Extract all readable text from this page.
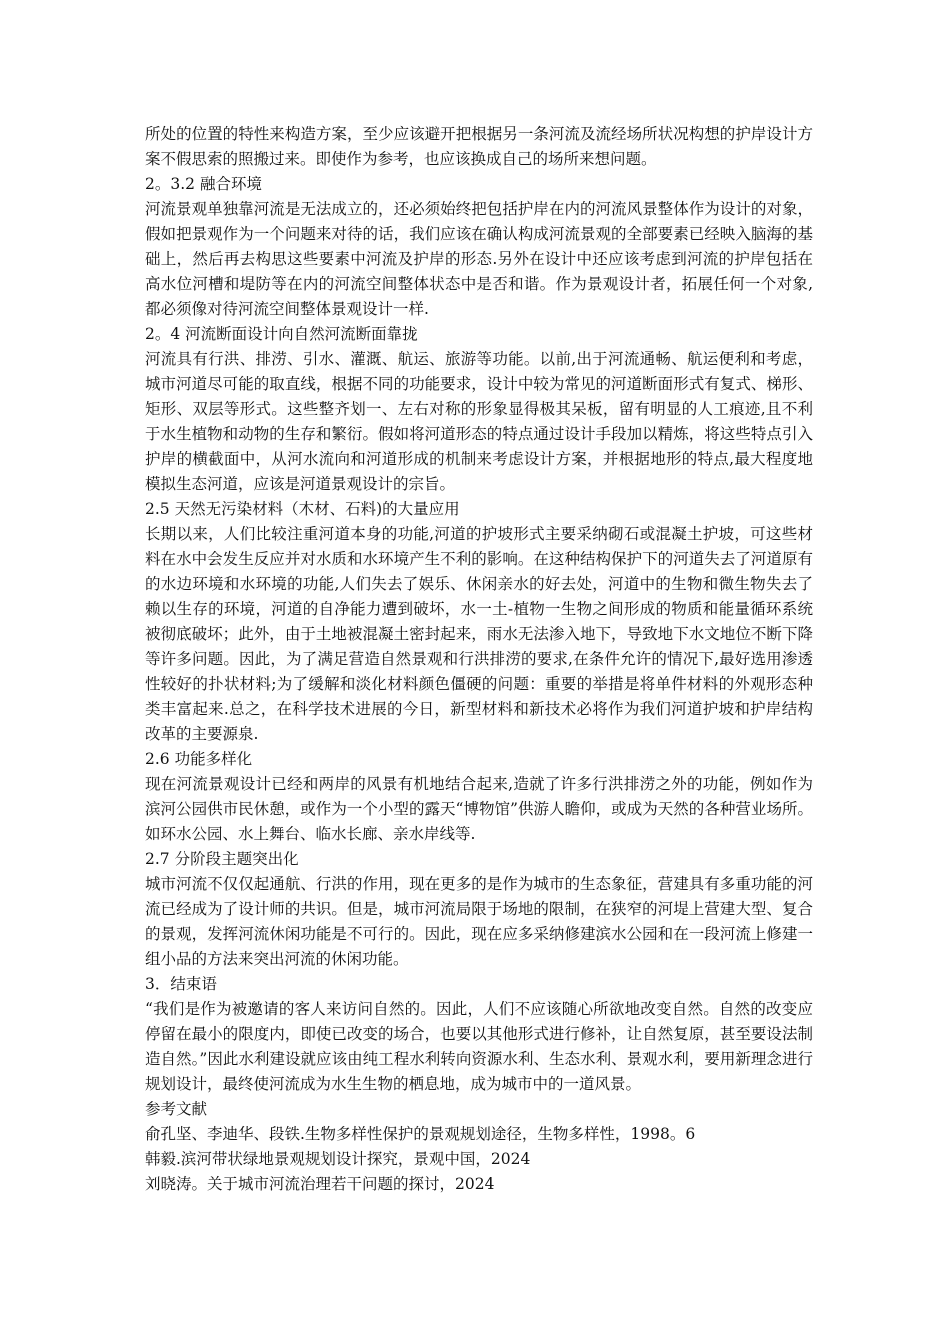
所处的位置的特性来构造方案，至少应该避开把根据另一条河流及流经场所状况构想的护岸设计方案不假思索的照搬过来。即使作为参考，也应该换成自己的场所来想问题。

2。3.2 融合环境

河流景观单独靠河流是无法成立的，还必须始终把包括护岸在内的河流风景整体作为设计的对象，假如把景观作为一个问题来对待的话，我们应该在确认构成河流景观的全部要素已经映入脑海的基础上，然后再去构思这些要素中河流及护岸的形态.另外在设计中还应该考虑到河流的护岸包括在高水位河槽和堤防等在内的河流空间整体状态中是否和谐。作为景观设计者，拓展任何一个对象,都必须像对待河流空间整体景观设计一样.

2。4 河流断面设计向自然河流断面靠拢

河流具有行洪、排涝、引水、灌溉、航运、旅游等功能。以前,出于河流通畅、航运便利和考虑，城市河道尽可能的取直线，根据不同的功能要求，设计中较为常见的河道断面形式有复式、梯形、矩形、双层等形式。这些整齐划一、左右对称的形象显得极其呆板，留有明显的人工痕迹,且不利于水生植物和动物的生存和繁衍。假如将河道形态的特点通过设计手段加以精炼，将这些特点引入护岸的横截面中，从河水流向和河道形成的机制来考虑设计方案，并根据地形的特点,最大程度地模拟生态河道，应该是河道景观设计的宗旨。

2.5 天然无污染材料（木材、石料)的大量应用

长期以来，人们比较注重河道本身的功能,河道的护坡形式主要采纳砌石或混凝土护坡，可这些材料在水中会发生反应并对水质和水环境产生不利的影响。在这种结构保护下的河道失去了河道原有的水边环境和水环境的功能,人们失去了娱乐、休闲亲水的好去处，河道中的生物和微生物失去了赖以生存的环境，河道的自净能力遭到破坏，水一土-植物一生物之间形成的物质和能量循环系统被彻底破坏；此外，由于土地被混凝土密封起来，雨水无法渗入地下，导致地下水文地位不断下降等许多问题。因此，为了满足营造自然景观和行洪排涝的要求,在条件允许的情况下,最好选用渗透性较好的扑状材料;为了缓解和淡化材料颜色僵硬的问题：重要的举措是将单件材料的外观形态种类丰富起来.总之，在科学技术进展的今日，新型材料和新技术必将作为我们河道护坡和护岸结构改革的主要源泉.

2.6 功能多样化

现在河流景观设计已经和两岸的风景有机地结合起来,造就了许多行洪排涝之外的功能，例如作为滨河公园供市民休憩，或作为一个小型的露天“博物馆”供游人瞻仰，或成为天然的各种营业场所。如环水公园、水上舞台、临水长廊、亲水岸线等.

2.7 分阶段主题突出化

城市河流不仅仅起通航、行洪的作用，现在更多的是作为城市的生态象征，营建具有多重功能的河流已经成为了设计师的共识。但是，城市河流局限于场地的限制，在狭窄的河堤上营建大型、复合的景观，发挥河流休闲功能是不可行的。因此，现在应多采纳修建滨水公园和在一段河流上修建一组小品的方法来突出河流的休闲功能。

3．结束语

“我们是作为被邀请的客人来访问自然的。因此，人们不应该随心所欲地改变自然。自然的改变应停留在最小的限度内，即使已改变的场合，也要以其他形式进行修补，让自然复原，甚至要设法制造自然。”因此水利建设就应该由纯工程水利转向资源水利、生态水利、景观水利，要用新理念进行规划设计，最终使河流成为水生生物的栖息地，成为城市中的一道风景。

参考文献

俞孔坚、李迪华、段铁.生物多样性保护的景观规划途径，生物多样性，1998。6

韩毅.滨河带状绿地景观规划设计探究，景观中国，2024

刘晓涛。关于城市河流治理若干问题的探讨，2024
